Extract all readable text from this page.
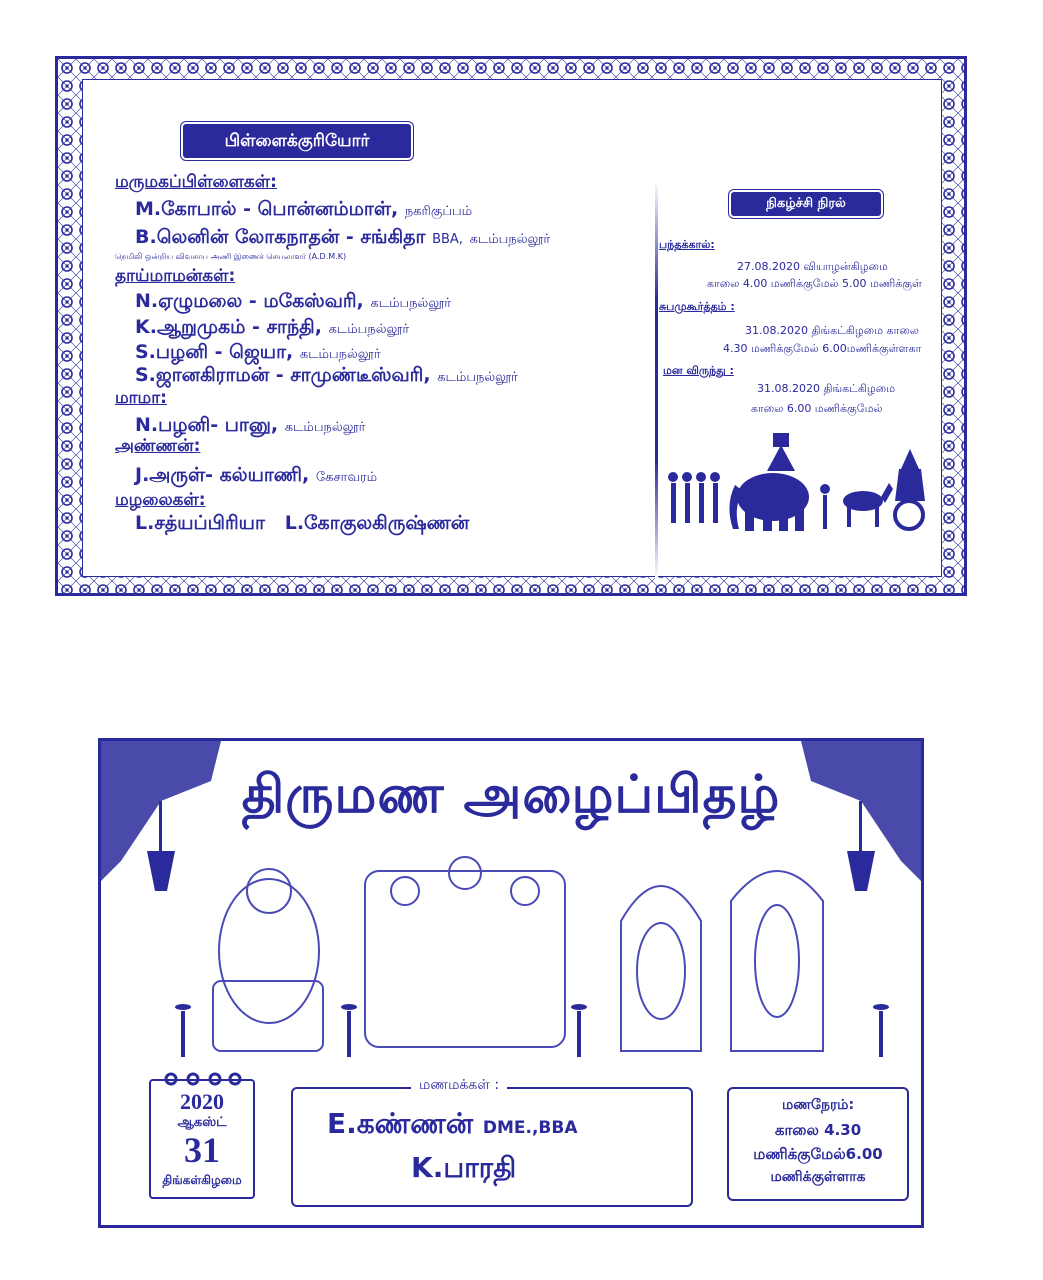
பிள்ளைக்குரியோர்
மருமகப்பிள்ளைகள்:
M.கோபால் - பொன்னம்மாள், நகரிகுப்பம்
B.லெனின் லோகநாதன் - சங்கிதா BBA, கடம்பநல்லூர்
நெமிலி ஒன்றிய விவசாய அணி இணைச் செயலாளர் (A.D.M.K)
தாய்மாமன்கள்:
N.ஏழுமலை - மகேஸ்வரி, கடம்பநல்லூர்
K.ஆறுமுகம் - சாந்தி, கடம்பநல்லூர்
S.பழனி - ஜெயா, கடம்பநல்லூர்
S.ஜானகிராமன் - சாமுண்டீஸ்வரி, கடம்பநல்லூர்
மாமா:
N.பழனி- பானு, கடம்பநல்லூர்
அண்ணன்:
J.அருள்- கல்யாணி, கேசாவரம்
மழலைகள்:
L.சத்யப்பிரியா L.கோகுலகிருஷ்ணன்
நிகழ்ச்சி நிரல்
பந்தக்கால்:
27.08.2020 வியாழன்கிழமை
காலை 4.00 மணிக்குமேல் 5.00 மணிக்குள்
சுபமுகூர்த்தம் :
31.08.2020 திங்கட்கிழமை காலை
4.30 மணிக்குமேல் 6.00மணிக்குள்ளகா
மன விருந்து :
31.08.2020 திங்கட்கிழமை
காலை 6.00 மணிக்குமேல்
திருமண அழைப்பிதழ்
2020
ஆகஸ்ட்
31
திங்கள்கிழமை
மணமக்கள் :
E.கண்ணன் DME.,BBA
K.பாரதி
மணநேரம்:
காலை 4.30
மணிக்குமேல்6.00
மணிக்குள்ளாக
